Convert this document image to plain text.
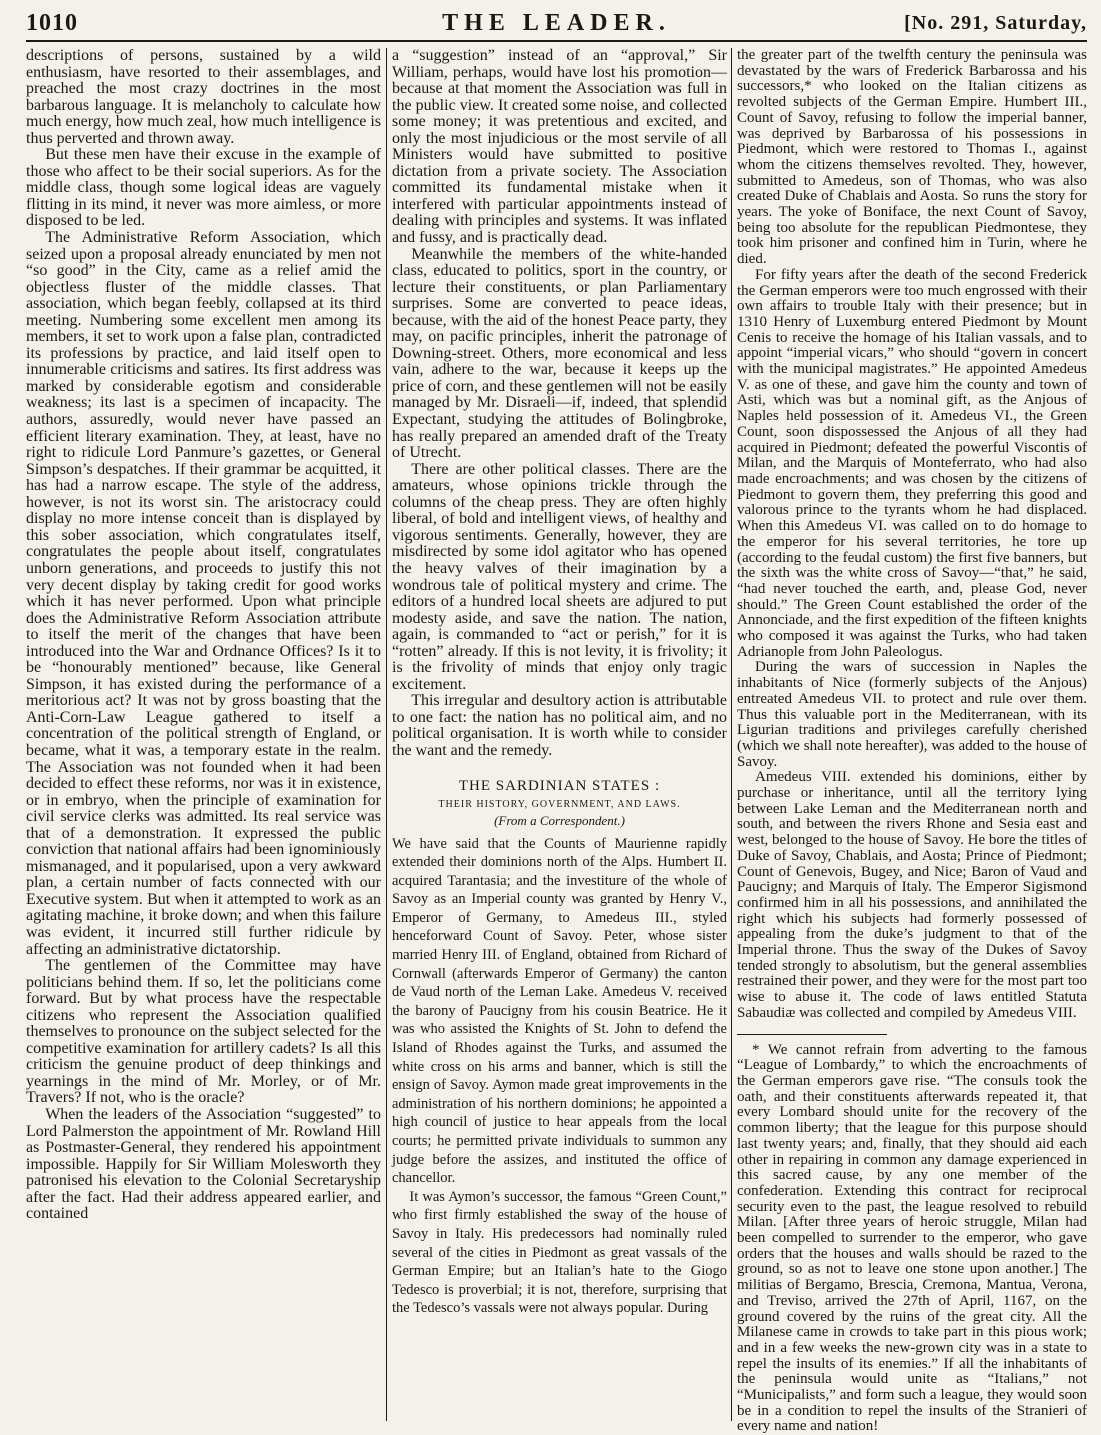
1010	THE LEADER.	[No. 291, Saturday,

descriptions of persons, sustained by a wild enthusiasm, have resorted to their assemblages, and preached the most crazy doctrines in the most barbarous language. It is melancholy to calculate how much energy, how much zeal, how much intelligence is thus perverted and thrown away.

But these men have their excuse in the example of those who affect to be their social superiors. As for the middle class, though some logical ideas are vaguely flitting in its mind, it never was more aimless, or more disposed to be led.

The Administrative Reform Association, which seized upon a proposal already enunciated by men not “so good” in the City, came as a relief amid the objectless fluster of the middle classes. That association, which began feebly, collapsed at its third meeting. Numbering some excellent men among its members, it set to work upon a false plan, contradicted its professions by practice, and laid itself open to innumerable criticisms and satires. Its first address was marked by considerable egotism and considerable weakness; its last is a specimen of incapacity. The authors, assuredly, would never have passed an efficient literary examination. They, at least, have no right to ridicule Lord Panmure’s gazettes, or General Simpson’s despatches. If their grammar be acquitted, it has had a narrow escape. The style of the address, however, is not its worst sin. The aristocracy could display no more intense conceit than is displayed by this sober association, which congratulates itself, congratulates the people about itself, congratulates unborn generations, and proceeds to justify this not very decent display by taking credit for good works which it has never performed. Upon what principle does the Administrative Reform Association attribute to itself the merit of the changes that have been introduced into the War and Ordnance Offices? Is it to be “honourably mentioned” because, like General Simpson, it has existed during the performance of a meritorious act? It was not by gross boasting that the Anti-Corn-Law League gathered to itself a concentration of the political strength of England, or became, what it was, a temporary estate in the realm. The Association was not founded when it had been decided to effect these reforms, nor was it in existence, or in embryo, when the principle of examination for civil service clerks was admitted. Its real service was that of a demonstration. It expressed the public conviction that national affairs had been ignominiously mismanaged, and it popularised, upon a very awkward plan, a certain number of facts connected with our Executive system. But when it attempted to work as an agitating machine, it broke down; and when this failure was evident, it incurred still further ridicule by affecting an administrative dictatorship.

The gentlemen of the Committee may have politicians behind them. If so, let the politicians come forward. But by what process have the respectable citizens who represent the Association qualified themselves to pronounce on the subject selected for the competitive examination for artillery cadets? Is all this criticism the genuine product of deep thinkings and yearnings in the mind of Mr. Morley, or of Mr. Travers? If not, who is the oracle?

When the leaders of the Association “suggested” to Lord Palmerston the appointment of Mr. Rowland Hill as Postmaster-General, they rendered his appointment impossible. Happily for Sir William Molesworth they patronised his elevation to the Colonial Secretaryship after the fact. Had their address appeared earlier, and contained

a “suggestion” instead of an “approval,” Sir William, perhaps, would have lost his promotion—because at that moment the Association was full in the public view. It created some noise, and collected some money; it was pretentious and excited, and only the most injudicious or the most servile of all Ministers would have submitted to positive dictation from a private society. The Association committed its fundamental mistake when it interfered with particular appointments instead of dealing with principles and systems. It was inflated and fussy, and is practically dead.

Meanwhile the members of the white-handed class, educated to politics, sport in the country, or lecture their constituents, or plan Parliamentary surprises. Some are converted to peace ideas, because, with the aid of the honest Peace party, they may, on pacific principles, inherit the patronage of Downing-street. Others, more economical and less vain, adhere to the war, because it keeps up the price of corn, and these gentlemen will not be easily managed by Mr. Disraeli—if, indeed, that splendid Expectant, studying the attitudes of Bolingbroke, has really prepared an amended draft of the Treaty of Utrecht.

There are other political classes. There are the amateurs, whose opinions trickle through the columns of the cheap press. They are often highly liberal, of bold and intelligent views, of healthy and vigorous sentiments. Generally, however, they are misdirected by some idol agitator who has opened the heavy valves of their imagination by a wondrous tale of political mystery and crime. The editors of a hundred local sheets are adjured to put modesty aside, and save the nation. The nation, again, is commanded to “act or perish,” for it is “rotten” already. If this is not levity, it is frivolity; it is the frivolity of minds that enjoy only tragic excitement.

This irregular and desultory action is attributable to one fact: the nation has no political aim, and no political organisation. It is worth while to consider the want and the remedy.

THE SARDINIAN STATES :
THEIR HISTORY, GOVERNMENT, AND LAWS.
(From a Correspondent.)

We have said that the Counts of Maurienne rapidly extended their dominions north of the Alps. Humbert II. acquired Tarantasia; and the investiture of the whole of Savoy as an Imperial county was granted by Henry V., Emperor of Germany, to Amedeus III., styled henceforward Count of Savoy. Peter, whose sister married Henry III. of England, obtained from Richard of Cornwall (afterwards Emperor of Germany) the canton de Vaud north of the Leman Lake. Amedeus V. received the barony of Paucigny from his cousin Beatrice. He it was who assisted the Knights of St. John to defend the Island of Rhodes against the Turks, and assumed the white cross on his arms and banner, which is still the ensign of Savoy. Aymon made great improvements in the administration of his northern dominions; he appointed a high council of justice to hear appeals from the local courts; he permitted private individuals to summon any judge before the assizes, and instituted the office of chancellor.

It was Aymon’s successor, the famous “Green Count,” who first firmly established the sway of the house of Savoy in Italy. His predecessors had nominally ruled several of the cities in Piedmont as great vassals of the German Empire; but an Italian’s hate to the Giogo Tedesco is proverbial; it is not, therefore, surprising that the Tedesco’s vassals were not always popular. During

the greater part of the twelfth century the peninsula was devastated by the wars of Frederick Barbarossa and his successors,* who looked on the Italian citizens as revolted subjects of the German Empire. Humbert III., Count of Savoy, refusing to follow the imperial banner, was deprived by Barbarossa of his possessions in Piedmont, which were restored to Thomas I., against whom the citizens themselves revolted. They, however, submitted to Amedeus, son of Thomas, who was also created Duke of Chablais and Aosta. So runs the story for years. The yoke of Boniface, the next Count of Savoy, being too absolute for the republican Piedmontese, they took him prisoner and confined him in Turin, where he died.

For fifty years after the death of the second Frederick the German emperors were too much engrossed with their own affairs to trouble Italy with their presence; but in 1310 Henry of Luxemburg entered Piedmont by Mount Cenis to receive the homage of his Italian vassals, and to appoint “imperial vicars,” who should “govern in concert with the municipal magistrates.” He appointed Amedeus V. as one of these, and gave him the county and town of Asti, which was but a nominal gift, as the Anjous of Naples held possession of it. Amedeus VI., the Green Count, soon dispossessed the Anjous of all they had acquired in Piedmont; defeated the powerful Viscontis of Milan, and the Marquis of Monteferrato, who had also made encroachments; and was chosen by the citizens of Piedmont to govern them, they preferring this good and valorous prince to the tyrants whom he had displaced. When this Amedeus VI. was called on to do homage to the emperor for his several territories, he tore up (according to the feudal custom) the first five banners, but the sixth was the white cross of Savoy—“that,” he said, “had never touched the earth, and, please God, never should.” The Green Count established the order of the Annonciade, and the first expedition of the fifteen knights who composed it was against the Turks, who had taken Adrianople from John Paleologus.

During the wars of succession in Naples the inhabitants of Nice (formerly subjects of the Anjous) entreated Amedeus VII. to protect and rule over them. Thus this valuable port in the Mediterranean, with its Ligurian traditions and privileges carefully cherished (which we shall note hereafter), was added to the house of Savoy.

Amedeus VIII. extended his dominions, either by purchase or inheritance, until all the territory lying between Lake Leman and the Mediterranean north and south, and between the rivers Rhone and Sesia east and west, belonged to the house of Savoy. He bore the titles of Duke of Savoy, Chablais, and Aosta; Prince of Piedmont; Count of Genevois, Bugey, and Nice; Baron of Vaud and Paucigny; and Marquis of Italy. The Emperor Sigismond confirmed him in all his possessions, and annihilated the right which his subjects had formerly possessed of appealing from the duke’s judgment to that of the Imperial throne. Thus the sway of the Dukes of Savoy tended strongly to absolutism, but the general assemblies restrained their power, and they were for the most part too wise to abuse it. The code of laws entitled Statuta Sabaudiæ was collected and compiled by Amedeus VIII.

* We cannot refrain from adverting to the famous “League of Lombardy,” to which the encroachments of the German emperors gave rise. “The consuls took the oath, and their constituents afterwards repeated it, that every Lombard should unite for the recovery of the common liberty; that the league for this purpose should last twenty years; and, finally, that they should aid each other in repairing in common any damage experienced in this sacred cause, by any one member of the confederation. Extending this contract for reciprocal security even to the past, the league resolved to rebuild Milan. [After three years of heroic struggle, Milan had been compelled to surrender to the emperor, who gave orders that the houses and walls should be razed to the ground, so as not to leave one stone upon another.] The militias of Bergamo, Brescia, Cremona, Mantua, Verona, and Treviso, arrived the 27th of April, 1167, on the ground covered by the ruins of the great city. All the Milanese came in crowds to take part in this pious work; and in a few weeks the new-grown city was in a state to repel the insults of its enemies.” If all the inhabitants of the peninsula would unite as “Italians,” not “Municipalists,” and form such a league, they would soon be in a condition to repel the insults of the Stranieri of every name and nation!
